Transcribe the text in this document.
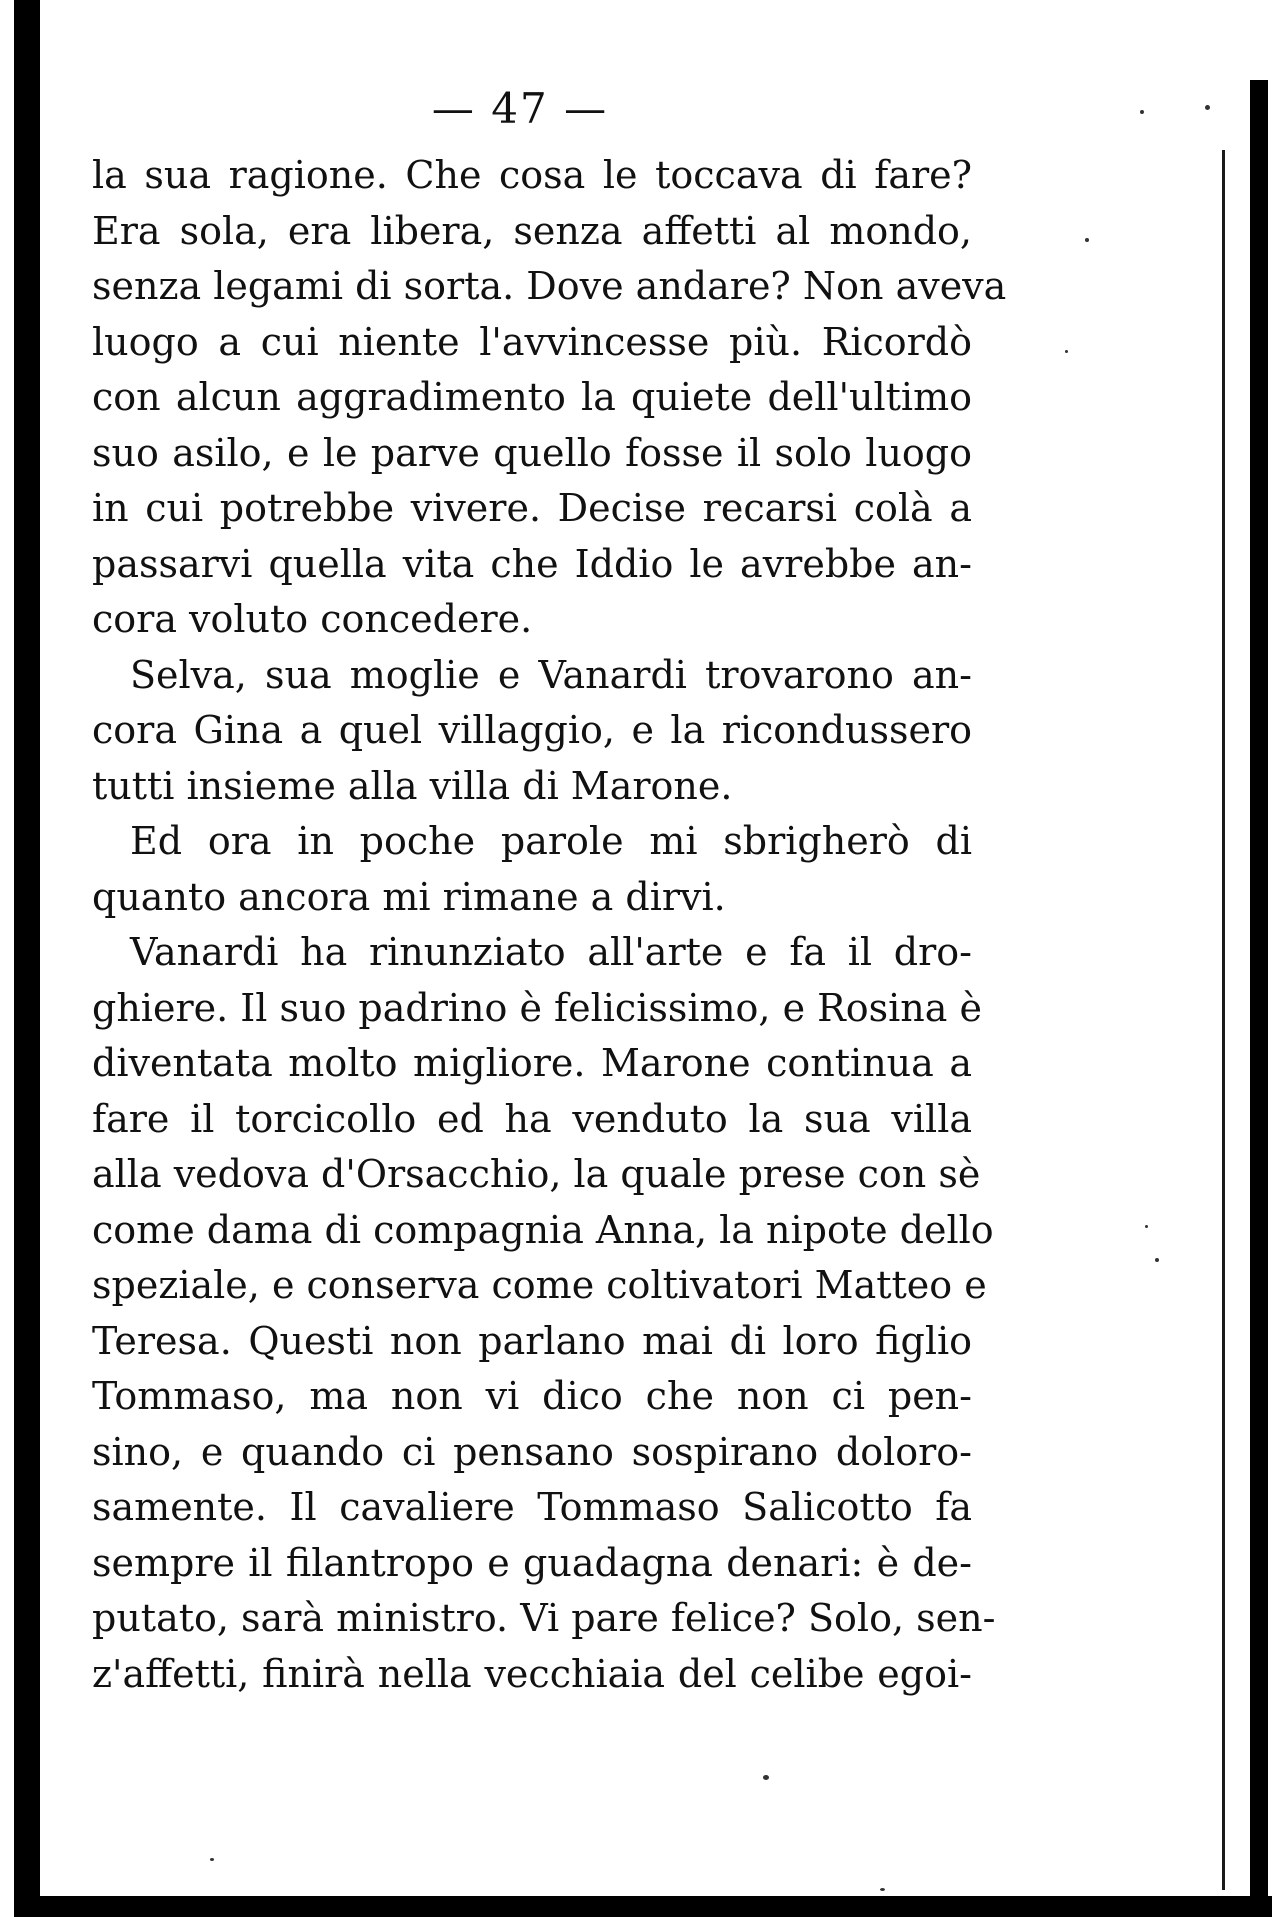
— 47 —
la sua ragione. Che cosa le toccava di fare?
Era sola, era libera, senza affetti al mondo,
senza legami di sorta. Dove andare? Non aveva
luogo a cui niente l'avvincesse più. Ricordò
con alcun aggradimento la quiete dell'ultimo
suo asilo, e le parve quello fosse il solo luogo
in cui potrebbe vivere. Decise recarsi colà a
passarvi quella vita che Iddio le avrebbe an-
cora voluto concedere.
Selva, sua moglie e Vanardi trovarono an-
cora Gina a quel villaggio, e la ricondussero
tutti insieme alla villa di Marone.
Ed ora in poche parole mi sbrigherò di
quanto ancora mi rimane a dirvi.
Vanardi ha rinunziato all'arte e fa il dro-
ghiere. Il suo padrino è felicissimo, e Rosina è
diventata molto migliore. Marone continua a
fare il torcicollo ed ha venduto la sua villa
alla vedova d'Orsacchio, la quale prese con sè
come dama di compagnia Anna, la nipote dello
speziale, e conserva come coltivatori Matteo e
Teresa. Questi non parlano mai di loro figlio
Tommaso, ma non vi dico che non ci pen-
sino, e quando ci pensano sospirano doloro-
samente. Il cavaliere Tommaso Salicotto fa
sempre il filantropo e guadagna denari: è de-
putato, sarà ministro. Vi pare felice? Solo, sen-
z'affetti, finirà nella vecchiaia del celibe egoi-
